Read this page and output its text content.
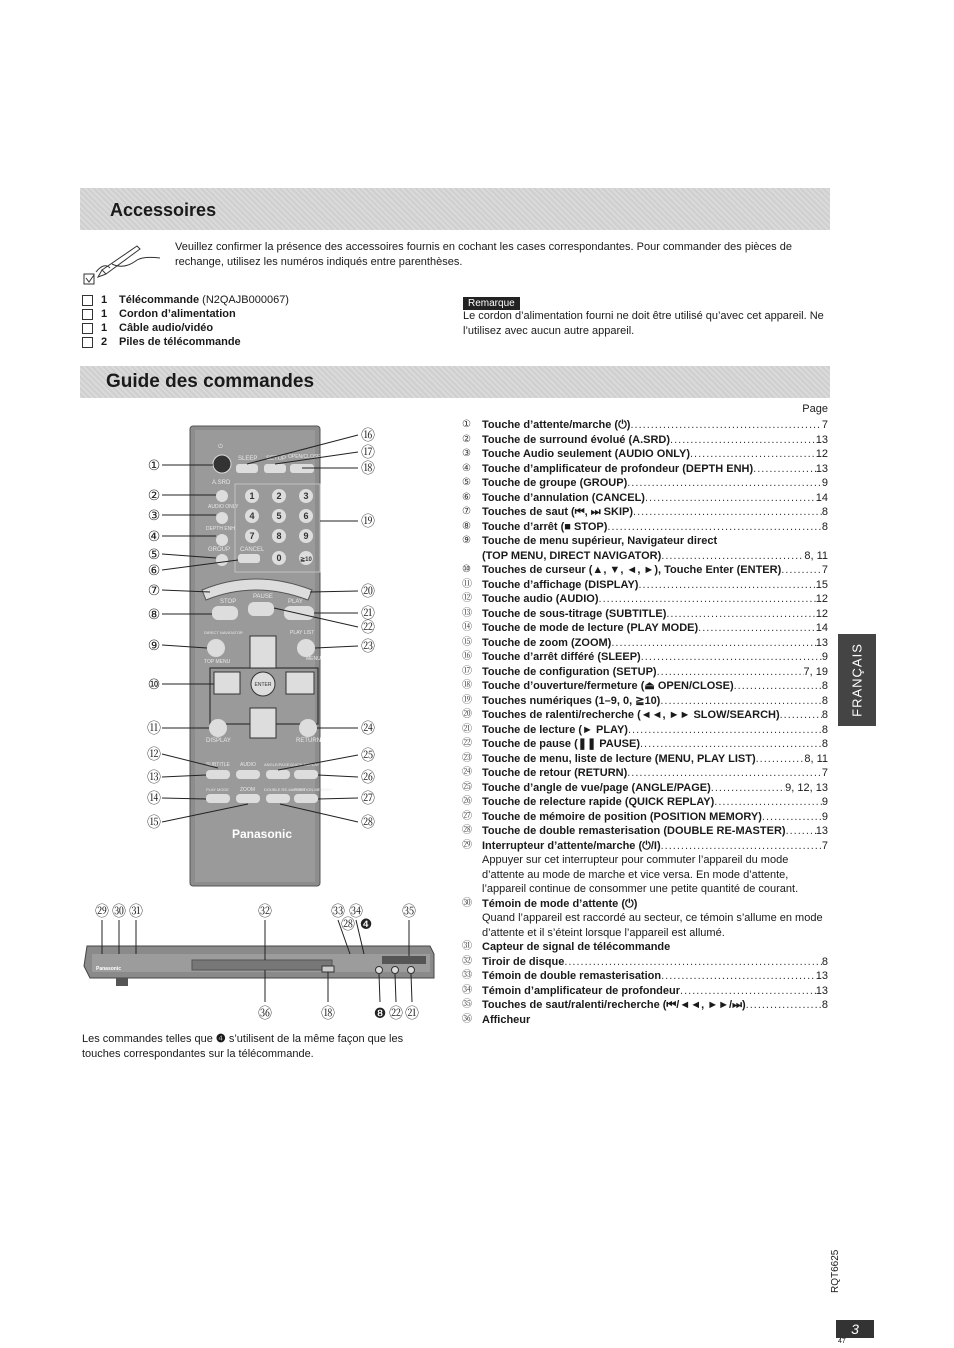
Accessoires
Veuillez confirmer la présence des accessoires fournis en cochant les cases correspondantes. Pour commander des pièces de rechange, utilisez les numéros indiqués entre parenthèses.
1	Télécommande (N2QAJB000067)
1	Cordon d’alimentation
1	Câble audio/vidéo
2	Piles de télécommande
Remarque
Le cordon d’alimentation fourni ne doit être utilisé qu’avec cet appareil. Ne l’utilisez avec aucun autre appareil.
Guide des commandes
⏻
SLEEP SETUP OPEN/CLOSE
A.SRD
AUDIO ONLY
DEPTH ENH
GROUP CANCEL
STOP
PAUSE
PLAY
DIRECT NAVIGATOR	PLAY LIST
TOP MENU	MENU
DISPLAY	RETURN
SUBTITLE AUDIO ANGLE/PAGE QUICK REPLAY
PLAY MODE ZOOM DOUBLE RE-MASTER
POSITION MEMORY
1 2 3
4 5 6
7 8 9
0	≧10
ENTER
Panasonic
①
②
③
④
⑤
⑥
⑦
⑧
⑨
⑩
⑪
⑫
⑬
⑭
⑮
⑯
⑰
⑱
⑲
⑳
㉑
㉒
㉓
㉔
㉕
㉖
㉗
㉘
㉙ ㉚ ㉛	㉜	㉝ ㉞	㉟
㊱	⑱
㉘ ❹
❽ ㉒ ㉑
Panasonic
Les commandes telles que ❹ s’utilisent de la même façon que les touches correspondantes sur la télécommande.
Page
①	Touche d’attente/marche (⏻) .....	7
②	Touche de surround évolué (A.SRD) .....	13
③	Touche Audio seulement (AUDIO ONLY) .....	12
④	Touche d’amplificateur de profondeur (DEPTH ENH) .....	13
⑤	Touche de groupe (GROUP) .....	9
⑥	Touche d’annulation (CANCEL) .....	14
⑦	Touches de saut (⏮, ⏭ SKIP) .....	8
⑧	Touche d’arrêt (■ STOP) .....	8
⑨	Touche de menu supérieur, Navigateur direct
(TOP MENU, DIRECT NAVIGATOR) .....	8, 11
⑩	Touches de curseur (▲, ▼, ◄, ►), Touche Enter (ENTER) .....	7
⑪ Touche d’affichage (DISPLAY) .....	15
⑫ Touche audio (AUDIO) .....	12
⑬ Touche de sous-titrage (SUBTITLE) .....	12
⑭ Touche de mode de lecture (PLAY MODE) .....	14
⑮ Touche de zoom (ZOOM) .....	13
⑯ Touche d’arrêt différé (SLEEP) .....	9
⑰ Touche de configuration (SETUP) .....	7, 19
⑱ Touche d’ouverture/fermeture (⏏ OPEN/CLOSE) .....	8
⑲ Touches numériques (1–9, 0, ≧10) .....	8
⑳ Touches de ralenti/recherche (◄◄, ►► SLOW/SEARCH) .....	8
㉑ Touche de lecture (► PLAY) .....	8
㉒ Touche de pause (❚❚ PAUSE) .....	8
㉓ Touche de menu, liste de lecture (MENU, PLAY LIST) .....	8, 11
㉔ Touche de retour (RETURN) .....	7
㉕ Touche d’angle de vue/page (ANGLE/PAGE) .....	9, 12, 13
㉖ Touche de relecture rapide (QUICK REPLAY) .....	9
㉗ Touche de mémoire de position (POSITION MEMORY) .....	9
㉘ Touche de double remasterisation (DOUBLE RE-MASTER) .....	13
㉙ Interrupteur d’attente/marche (⏻/I) .....	7
Appuyer sur cet interrupteur pour commuter l’appareil du mode d’attente au mode de marche et vice versa. En mode d’attente, l’appareil continue de consommer une petite quantité de courant.
㉚ Témoin de mode d’attente (⏻)
Quand l’appareil est raccordé au secteur, ce témoin s’allume en mode d’attente et il s’éteint lorsque l’appareil est allumé.
㉛ Capteur de signal de télécommande
㉜ Tiroir de disque .....	8
㉝ Témoin de double remasterisation .....	13
㉞ Témoin d’amplificateur de profondeur .....	13
㉟ Touches de saut/ralenti/recherche (⏮/◄◄, ►►/⏭) .....	8
㊱ Afficheur
FRANÇAIS
RQT6625
3
47
